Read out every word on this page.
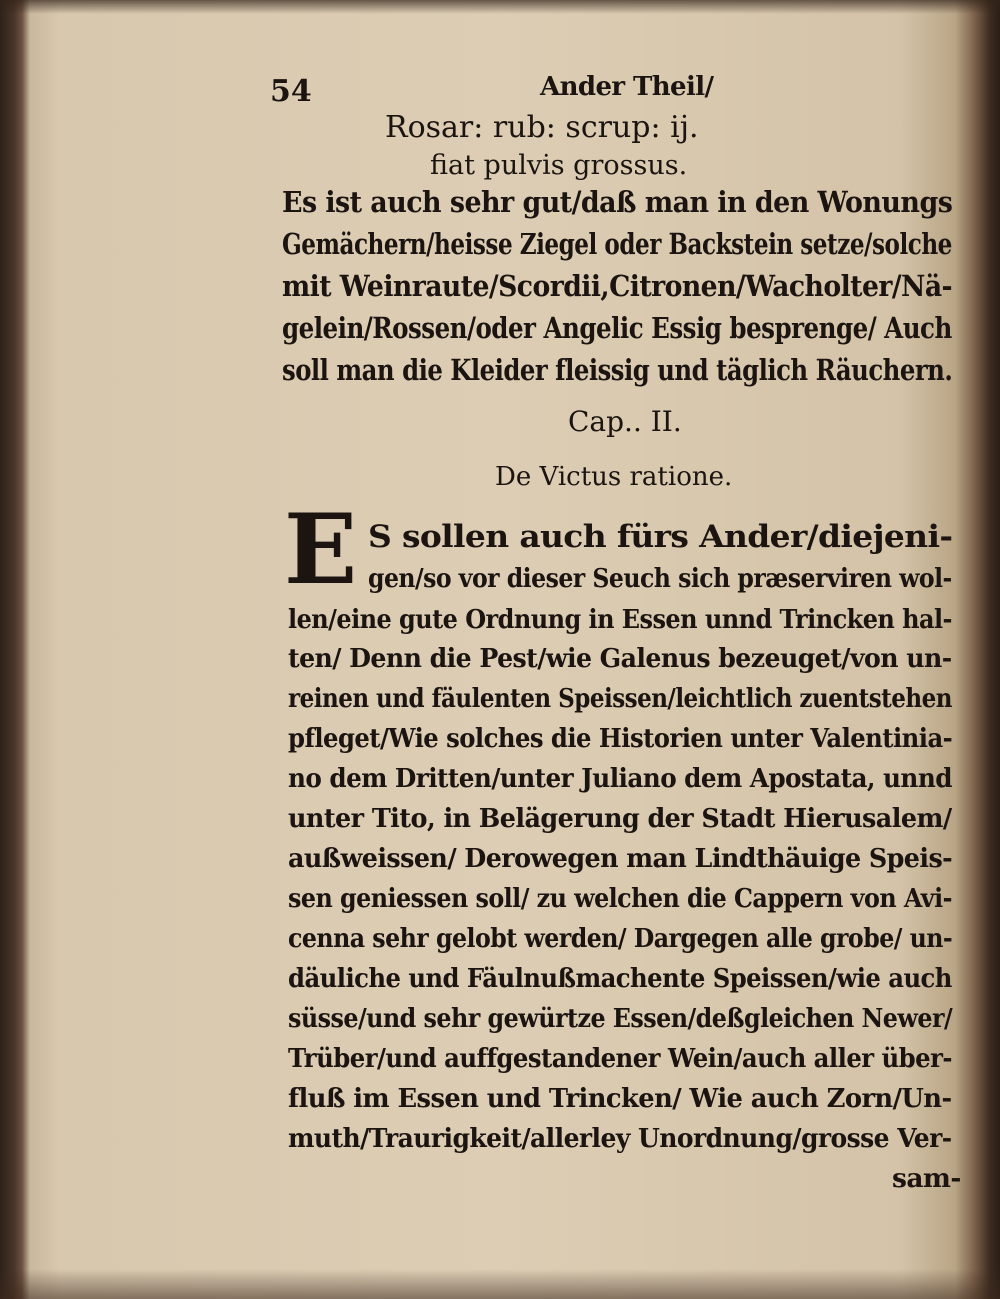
54	Ander Theil/
Rosar: rub: scrup: ij.
fiat pulvis grossus.
Es ist auch sehr gut/daß man in den Wonungs
Gemächern/heisse Ziegel oder Backstein setze/solche
mit Weinraute/Scordii,Citronen/Wacholter/Nä-
gelein/Rossen/oder Angelic Essig besprenge/ Auch
soll man die Kleider fleissig und täglich Räuchern.
Cap.. II.
De Victus ratione.
E S sollen auch fürs Ander/diejeni-
gen/so vor dieser Seuch sich præserviren wol-
len/eine gute Ordnung in Essen unnd Trincken hal-
ten/ Denn die Pest/wie Galenus bezeuget/von un-
reinen und fäulenten Speissen/leichtlich zuentstehen
pfleget/Wie solches die Historien unter Valentinia-
no dem Dritten/unter Juliano dem Apostata, unnd
unter Tito, in Belägerung der Stadt Hierusalem/
außweissen/ Derowegen man Lindthäuige Speis-
sen geniessen soll/ zu welchen die Cappern von Avi-
cenna sehr gelobt werden/ Dargegen alle grobe/ un-
däuliche und Fäulnußmachente Speissen/wie auch
süsse/und sehr gewürtze Essen/deßgleichen Newer/
Trüber/und auffgestandener Wein/auch aller über-
fluß im Essen und Trincken/ Wie auch Zorn/Un-
muth/Traurigkeit/allerley Unordnung/grosse Ver-
sam-
